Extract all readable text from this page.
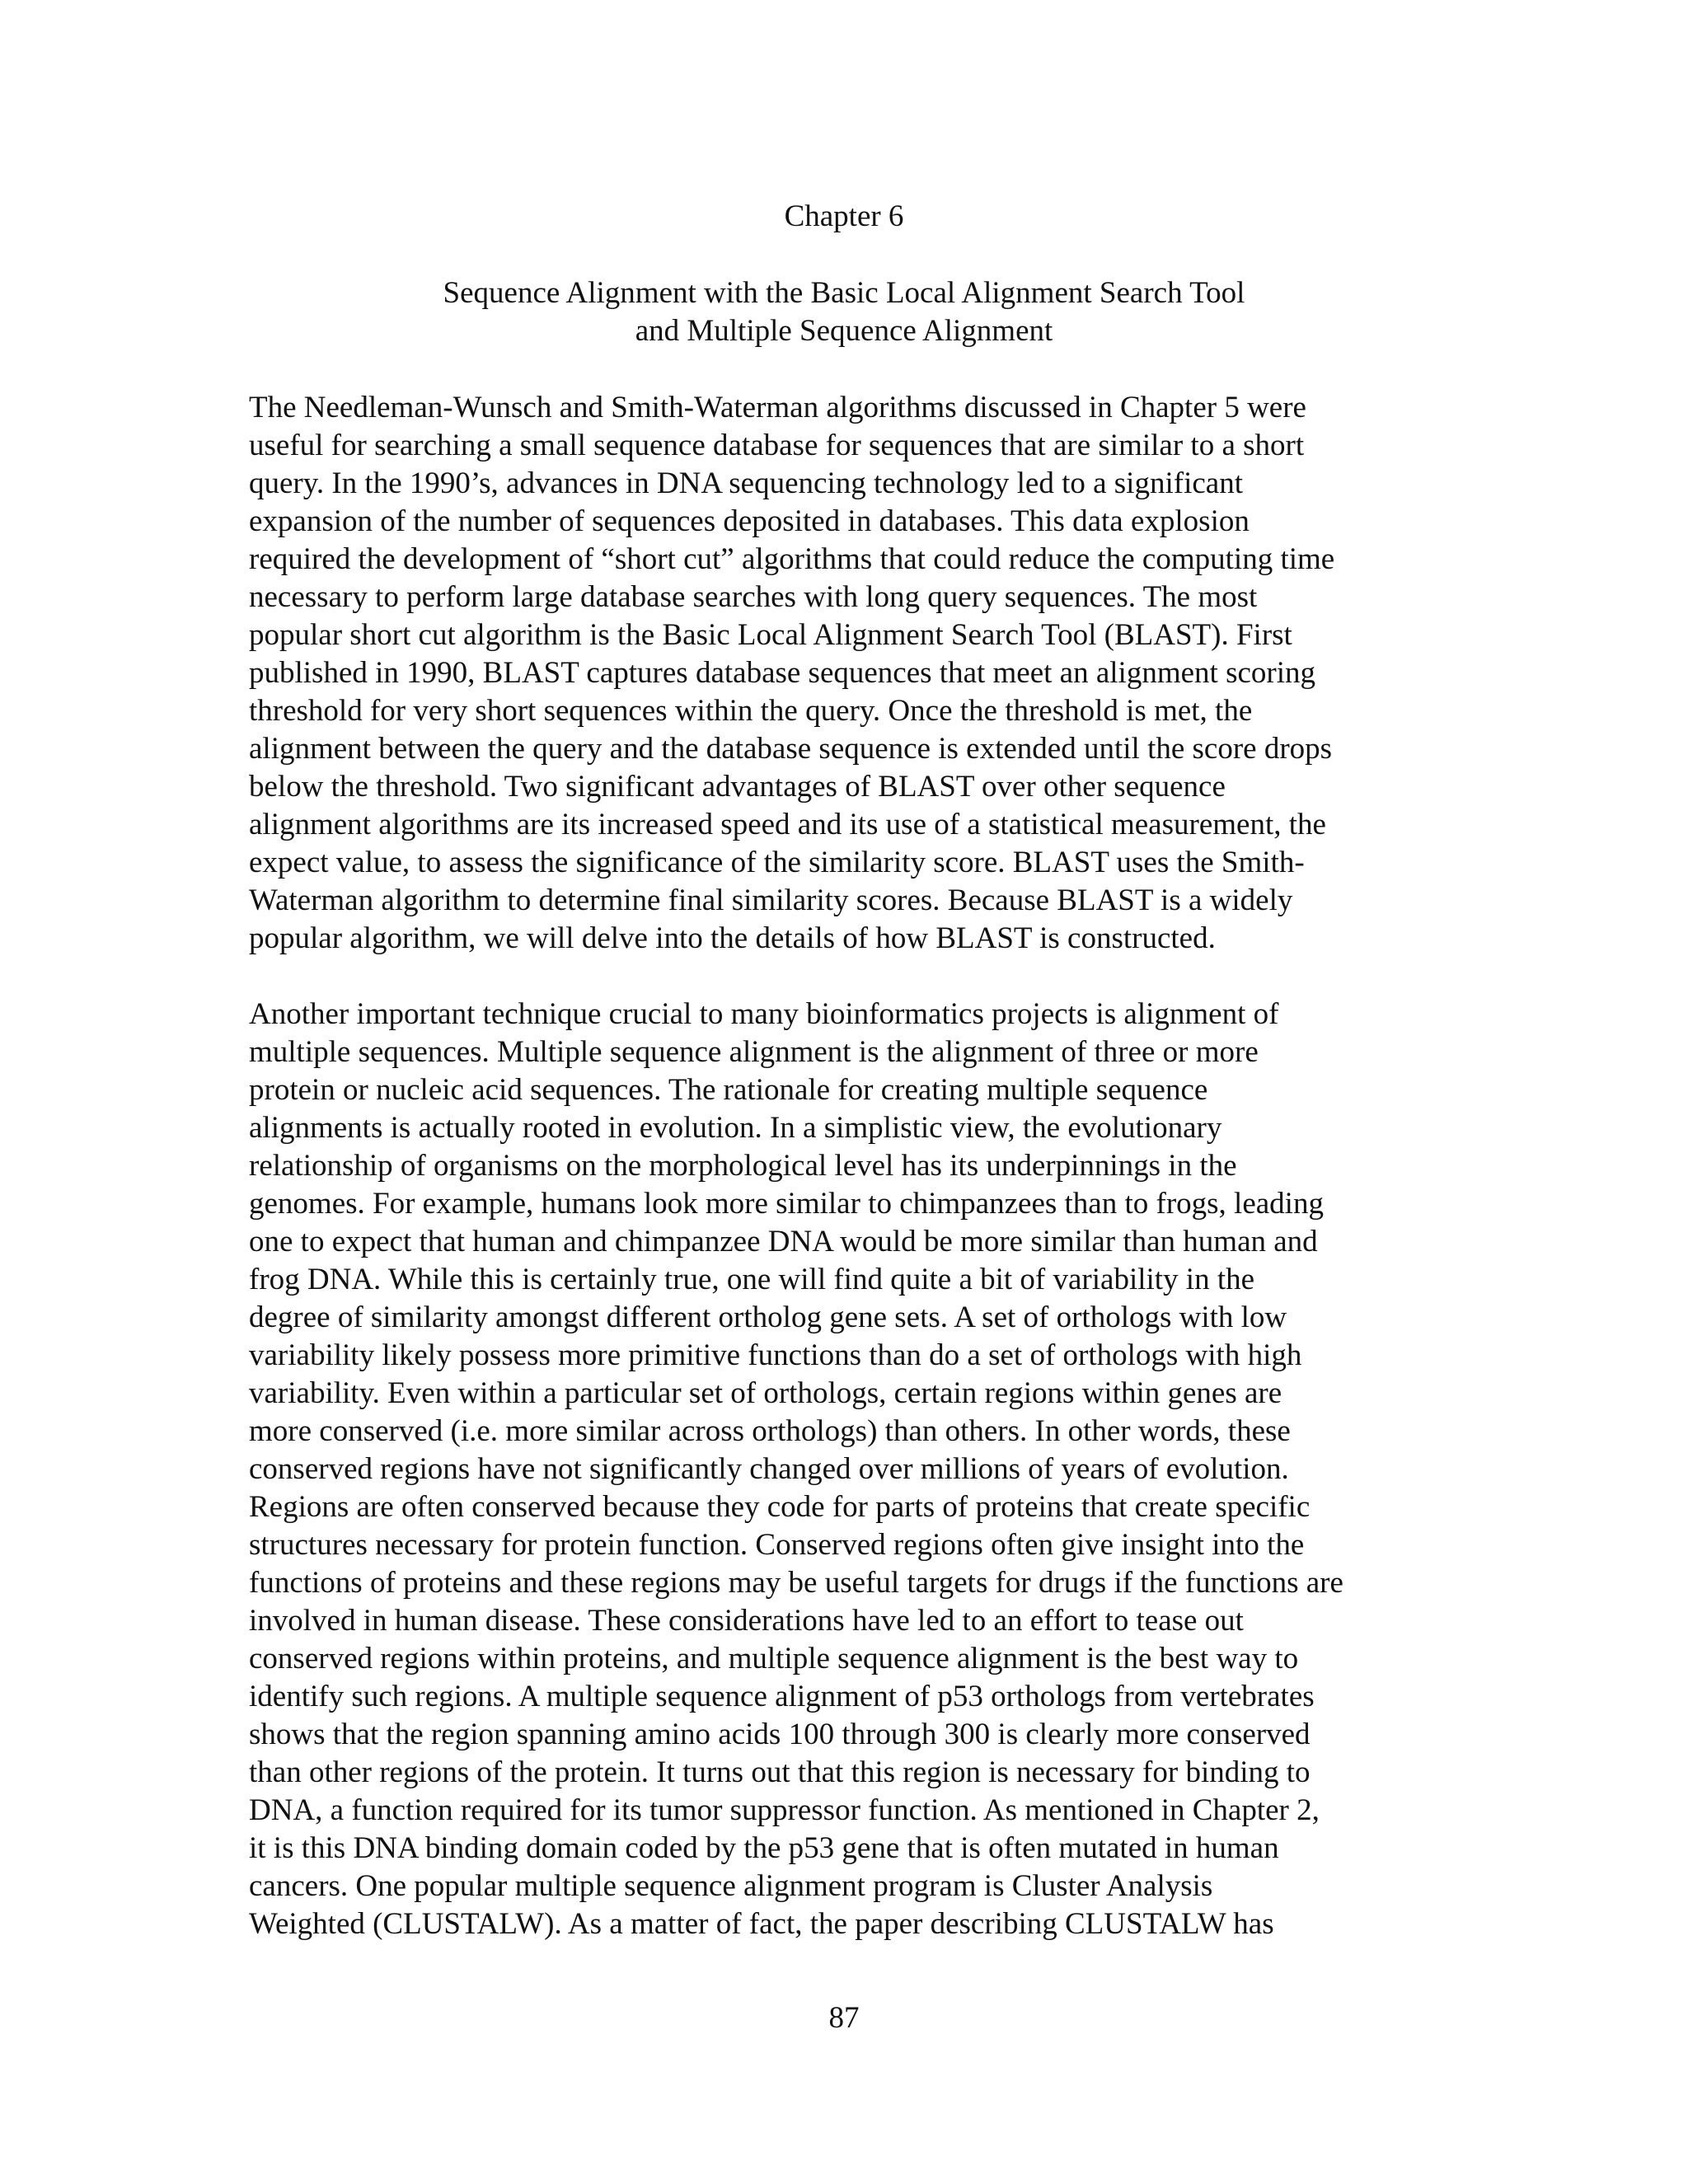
Chapter 6
Sequence Alignment with the Basic Local Alignment Search Tool
and Multiple Sequence Alignment
The Needleman-Wunsch and Smith-Waterman algorithms discussed in Chapter 5 were
useful for searching a small sequence database for sequences that are similar to a short
query. In the 1990’s, advances in DNA sequencing technology led to a significant
expansion of the number of sequences deposited in databases. This data explosion
required the development of “short cut” algorithms that could reduce the computing time
necessary to perform large database searches with long query sequences. The most
popular short cut algorithm is the Basic Local Alignment Search Tool (BLAST). First
published in 1990, BLAST captures database sequences that meet an alignment scoring
threshold for very short sequences within the query. Once the threshold is met, the
alignment between the query and the database sequence is extended until the score drops
below the threshold. Two significant advantages of BLAST over other sequence
alignment algorithms are its increased speed and its use of a statistical measurement, the
expect value, to assess the significance of the similarity score. BLAST uses the Smith-
Waterman algorithm to determine final similarity scores. Because BLAST is a widely
popular algorithm, we will delve into the details of how BLAST is constructed.
Another important technique crucial to many bioinformatics projects is alignment of
multiple sequences. Multiple sequence alignment is the alignment of three or more
protein or nucleic acid sequences. The rationale for creating multiple sequence
alignments is actually rooted in evolution. In a simplistic view, the evolutionary
relationship of organisms on the morphological level has its underpinnings in the
genomes. For example, humans look more similar to chimpanzees than to frogs, leading
one to expect that human and chimpanzee DNA would be more similar than human and
frog DNA. While this is certainly true, one will find quite a bit of variability in the
degree of similarity amongst different ortholog gene sets. A set of orthologs with low
variability likely possess more primitive functions than do a set of orthologs with high
variability. Even within a particular set of orthologs, certain regions within genes are
more conserved (i.e. more similar across orthologs) than others. In other words, these
conserved regions have not significantly changed over millions of years of evolution.
Regions are often conserved because they code for parts of proteins that create specific
structures necessary for protein function. Conserved regions often give insight into the
functions of proteins and these regions may be useful targets for drugs if the functions are
involved in human disease. These considerations have led to an effort to tease out
conserved regions within proteins, and multiple sequence alignment is the best way to
identify such regions. A multiple sequence alignment of p53 orthologs from vertebrates
shows that the region spanning amino acids 100 through 300 is clearly more conserved
than other regions of the protein. It turns out that this region is necessary for binding to
DNA, a function required for its tumor suppressor function. As mentioned in Chapter 2,
it is this DNA binding domain coded by the p53 gene that is often mutated in human
cancers. One popular multiple sequence alignment program is Cluster Analysis
Weighted (CLUSTALW). As a matter of fact, the paper describing CLUSTALW has
87
